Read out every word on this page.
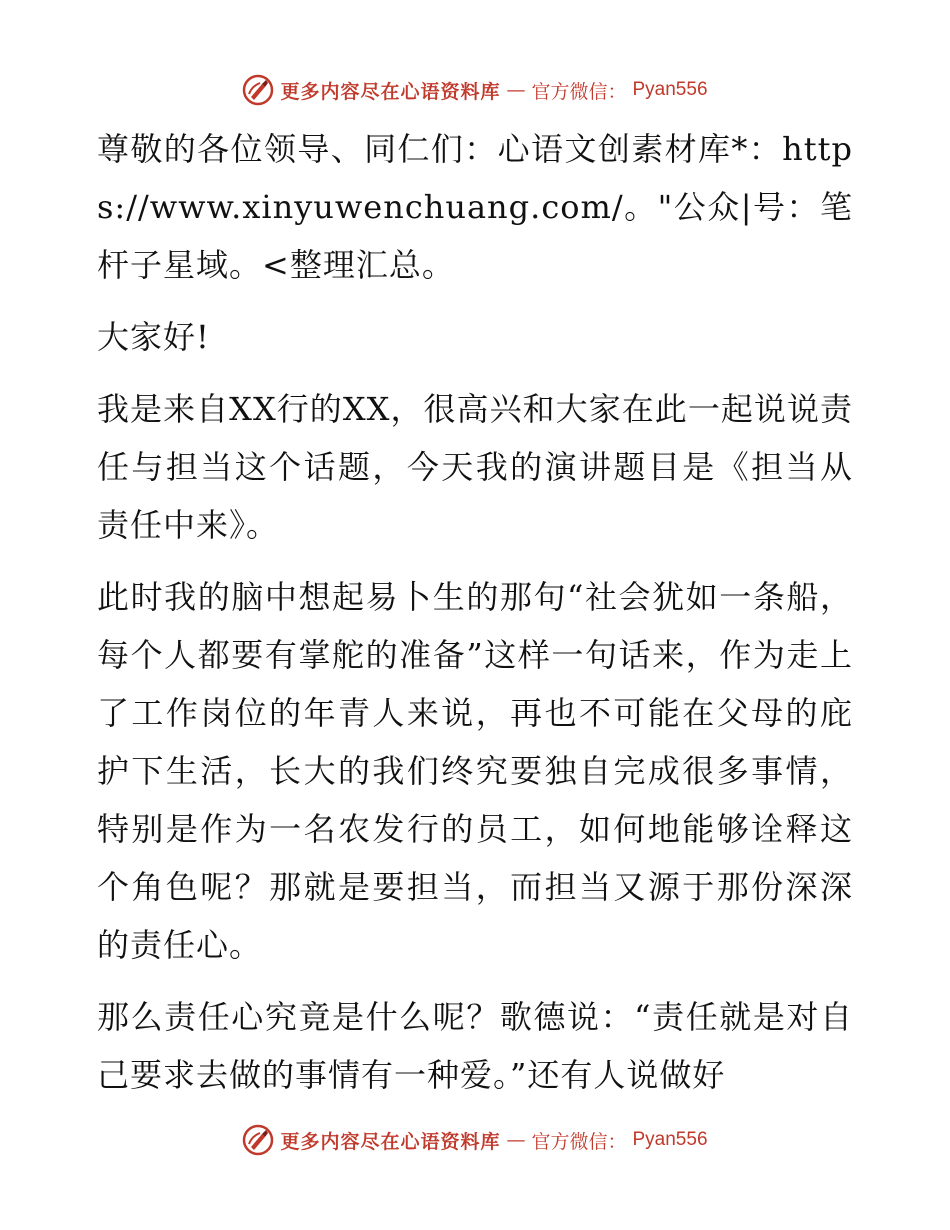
更多内容尽在心语资料库 — 官方微信： Pyan556

尊敬的各位领导、同仁们：心语文创素材库*：https://www.xinyuwenchuang.com/。"公众|号：笔杆子星域。<整理汇总。

大家好!

我是来自XX行的XX，很高兴和大家在此一起说说责任与担当这个话题，今天我的演讲题目是《担当从责任中来》。

此时我的脑中想起易卜生的那句“社会犹如一条船，每个人都要有掌舵的准备”这样一句话来，作为走上了工作岗位的年青人来说，再也不可能在父母的庇护下生活，长大的我们终究要独自完成很多事情，特别是作为一名农发行的员工，如何地能够诠释这个角色呢？那就是要担当，而担当又源于那份深深的责任心。

那么责任心究竟是什么呢？歌德说：“责任就是对自己要求去做的事情有一种爱。”还有人说做好

更多内容尽在心语资料库 — 官方微信： Pyan556
